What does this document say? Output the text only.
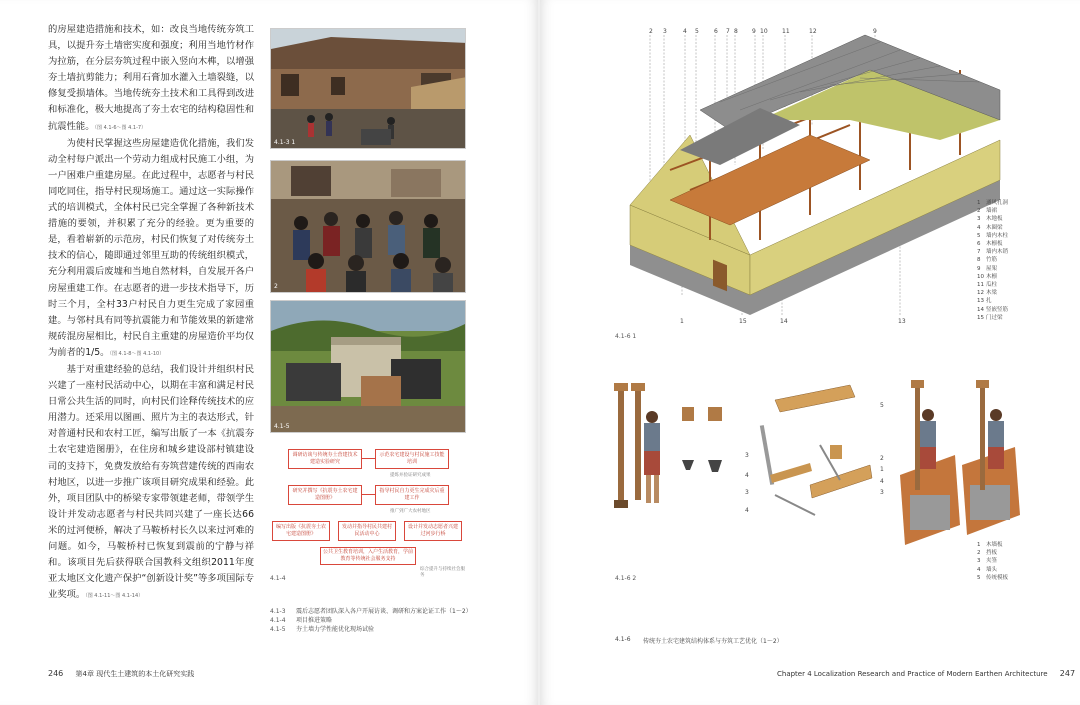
的房屋建造措施和技术，如：改良当地传统夯筑工具，以提升夯土墙密实度和强度；利用当地竹材作为拉筋，在分层夯筑过程中嵌入竖向木榫，以增强夯土墙抗剪能力；利用石膏加水灌入土墙裂缝，以修复受损墙体。当地传统夯土技术和工具得到改进和标准化，极大地提高了夯土农宅的结构稳固性和抗震性能。（图 4.1-6～图 4.1-7）

为使村民掌握这些房屋建造优化措施，我们发动全村每户派出一个劳动力组成村民施工小组，为一户困难户重建房屋。在此过程中，志愿者与村民同吃同住，指导村民现场施工。通过这一实际操作式的培训模式，全体村民已完全掌握了各种新技术措施的要领，并积累了充分的经验。更为重要的是，看着崭新的示范房，村民们恢复了对传统夯土技术的信心，随即通过邻里互助的传统组织模式，充分利用震后废墟和当地自然材料，自发展开各户房屋重建工作。在志愿者的进一步技术指导下，历时三个月，全村33户村民自力更生完成了家园重建。与邻村具有同等抗震能力和节能效果的新建常规砖混房屋相比，村民自主重建的房屋造价平均仅为前者的1/5。（图 4.1-8～图 4.1-10）

基于对重建经验的总结，我们设计并组织村民兴建了一座村民活动中心，以期在丰富和满足村民日常公共生活的同时，向村民们诠释传统技术的应用潜力。还采用以图画、照片为主的表达形式，针对普通村民和农村工匠，编写出版了一本《抗震夯土农宅建造图册》，在住房和城乡建设部村镇建设司的支持下，免费发放给有夯筑营建传统的西南农村地区，以进一步推广该项目研究成果和经验。此外，项目团队中的桥梁专家带领建老师，带领学生设计并发动志愿者与村民共同兴建了一座长达66米的过河便桥，解决了马鞍桥村长久以来过河难的问题。如今，马鞍桥村已恢复到震前的宁静与祥和。该项目先后获得联合国教科文组织2011年度亚太地区文化遗产保护“创新设计奖”等多项国际专业奖项。（图 4.1-11～图 4.1-14）

4.1-3 1
2
4.1-5
调研访谈与传统夯土营建技术建造实验研究
示范农宅建设与村民施工技能培训
提炼并验证研究成果
研究并撰写《抗震夯土农宅建造图册》
指导村民自力更生完成灾后重建工作
推广到广大农村地区
编写出版《抗震夯土农宅建造图册》
发动并指导村民共建村民活动中心
设计并发动志愿者兴建过河步行桥
公共卫生教育培训，入户生活教育，学前教育等传统社会服务支持
综合提升与持续社会服务
4.1-4
4.1-3	震后志愿者团队深入各户开展访谈、调研和方案论证工作（1～2）
4.1-4	项目推进策略
4.1-5	夯土墙力学性能优化现场试验
246 第4章 现代生土建筑的本土化研究实践
2 3	4 5	6 7 8 9 10 11	12	9
1	15	14	13
1	通风孔洞
2	墙裙
3	木地板
4	木圈梁
5	墙内木柱
6	木檩板
7	墙内木销
8	竹筋
9	屋架
10 木檩
11 瓜柱
12 木梁
13 扎
14 竖嵌竖筋
15 门过梁
4.1-6 1
5
3
4
3
4
2
1
4
3
1	木墙板
2	挡板
3	夹签
4	墙头
5	传统模板
4.1-6 2
4.1-6 传统夯土农宅建筑结构体系与夯筑工艺优化（1～2）
Chapter 4 Localization Research and Practice of Modern Earthen Architecture 247
